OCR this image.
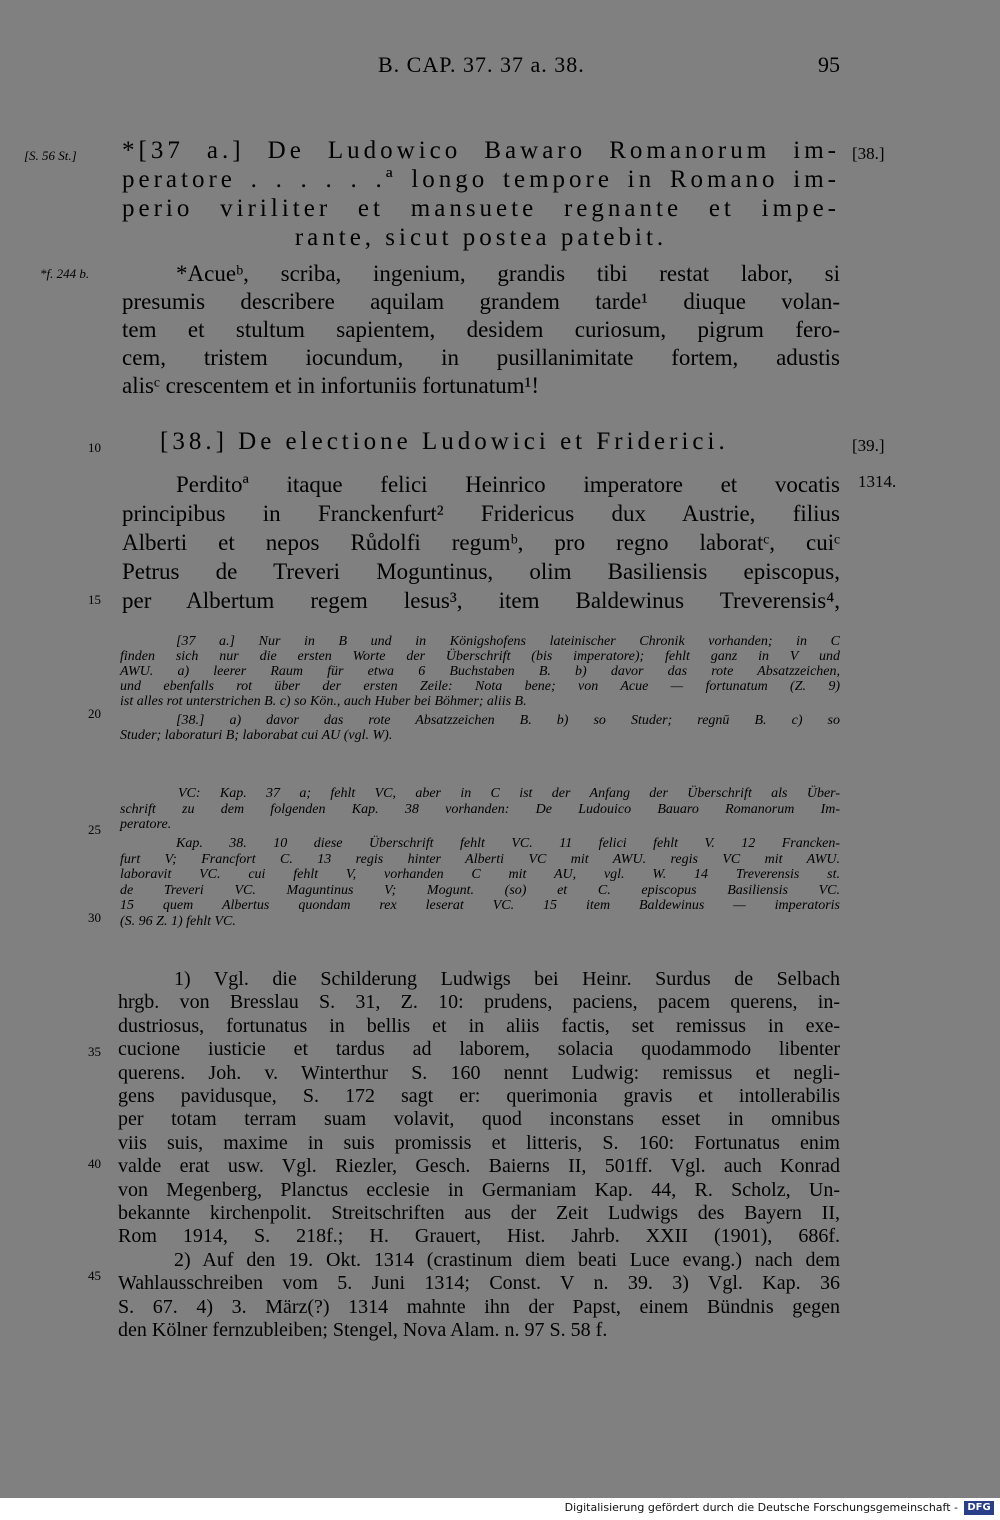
B. CAP. 37. 37 a. 38.	95
[S. 56 St.]
*f. 244 b.
[38.]
[39.]
1314.
10
15
20
25
30
35
40
45
*[37 a.] De Ludowico Bawaro Romanorum im-
peratore . . . . . .ª longo tempore in Romano im-
perio viriliter et mansuete regnante et impe-
rante, sicut postea patebit.
*Acueᵇ, scriba, ingenium, grandis tibi restat labor, si
presumis describere aquilam grandem tarde¹ diuque volan-
tem et stultum sapientem, desidem curiosum, pigrum fero-
cem, tristem iocundum, in pusillanimitate fortem, adustis
alisᶜ crescentem et in infortuniis fortunatum¹!
[38.] De electione Ludowici et Friderici.
Perditoª itaque felici Heinrico imperatore et vocatis
principibus in Franckenfurt² Fridericus dux Austrie, filius
Alberti et nepos Růdolfi regumᵇ, pro regno laboratᶜ, cuiᶜ
Petrus de Treveri Moguntinus, olim Basiliensis episcopus,
per Albertum regem lesus³, item Baldewinus Treverensis⁴,
[37 a.] Nur in B und in Königshofens lateinischer Chronik vorhanden; in C
finden sich nur die ersten Worte der Überschrift (bis imperatore); fehlt ganz in V und
AWU. a) leerer Raum für etwa 6 Buchstaben B. b) davor das rote Absatzzeichen,
und ebenfalls rot über der ersten Zeile: Nota bene; von Acue — fortunatum (Z. 9)
ist alles rot unterstrichen B. c) so Kön., auch Huber bei Böhmer; aliis B.
[38.] a) davor das rote Absatzzeichen B. b) so Studer; regnū B. c) so
Studer; laboraturi B; laborabat cui AU (vgl. W).
VC: Kap. 37 a; fehlt VC, aber in C ist der Anfang der Überschrift als Über-
schrift zu dem folgenden Kap. 38 vorhanden: De Ludouico Bauaro Romanorum Im-
peratore.
Kap. 38. 10 diese Überschrift fehlt VC. 11 felici fehlt V. 12 Francken-
furt V; Francfort C. 13 regis hinter Alberti VC mit AWU. regis VC mit AWU.
laboravit VC. cui fehlt V, vorhanden C mit AU, vgl. W. 14 Treverensis st.
de Treveri VC. Maguntinus V; Mogunt. (so) et C. episcopus Basiliensis VC.
15 quem Albertus quondam rex leserat VC. 15 item Baldewinus — imperatoris
(S. 96 Z. 1) fehlt VC.
1) Vgl. die Schilderung Ludwigs bei Heinr. Surdus de Selbach
hrgb. von Bresslau S. 31, Z. 10: prudens, paciens, pacem querens, in-
dustriosus, fortunatus in bellis et in aliis factis, set remissus in exe-
cucione iusticie et tardus ad laborem, solacia quodammodo libenter
querens. Joh. v. Winterthur S. 160 nennt Ludwig: remissus et negli-
gens pavidusque, S. 172 sagt er: querimonia gravis et intollerabilis
per totam terram suam volavit, quod inconstans esset in omnibus
viis suis, maxime in suis promissis et litteris, S. 160: Fortunatus enim
valde erat usw. Vgl. Riezler, Gesch. Baierns II, 501ff. Vgl. auch Konrad
von Megenberg, Planctus ecclesie in Germaniam Kap. 44, R. Scholz, Un-
bekannte kirchenpolit. Streitschriften aus der Zeit Ludwigs des Bayern II,
Rom 1914, S. 218f.; H. Grauert, Hist. Jahrb. XXII (1901), 686f.
2) Auf den 19. Okt. 1314 (crastinum diem beati Luce evang.) nach dem
Wahlausschreiben vom 5. Juni 1314; Const. V n. 39. 3) Vgl. Kap. 36
S. 67. 4) 3. März(?) 1314 mahnte ihn der Papst, einem Bündnis gegen
den Kölner fernzubleiben; Stengel, Nova Alam. n. 97 S. 58 f.
Digitalisierung gefördert durch die Deutsche Forschungsgemeinschaft - DFG
